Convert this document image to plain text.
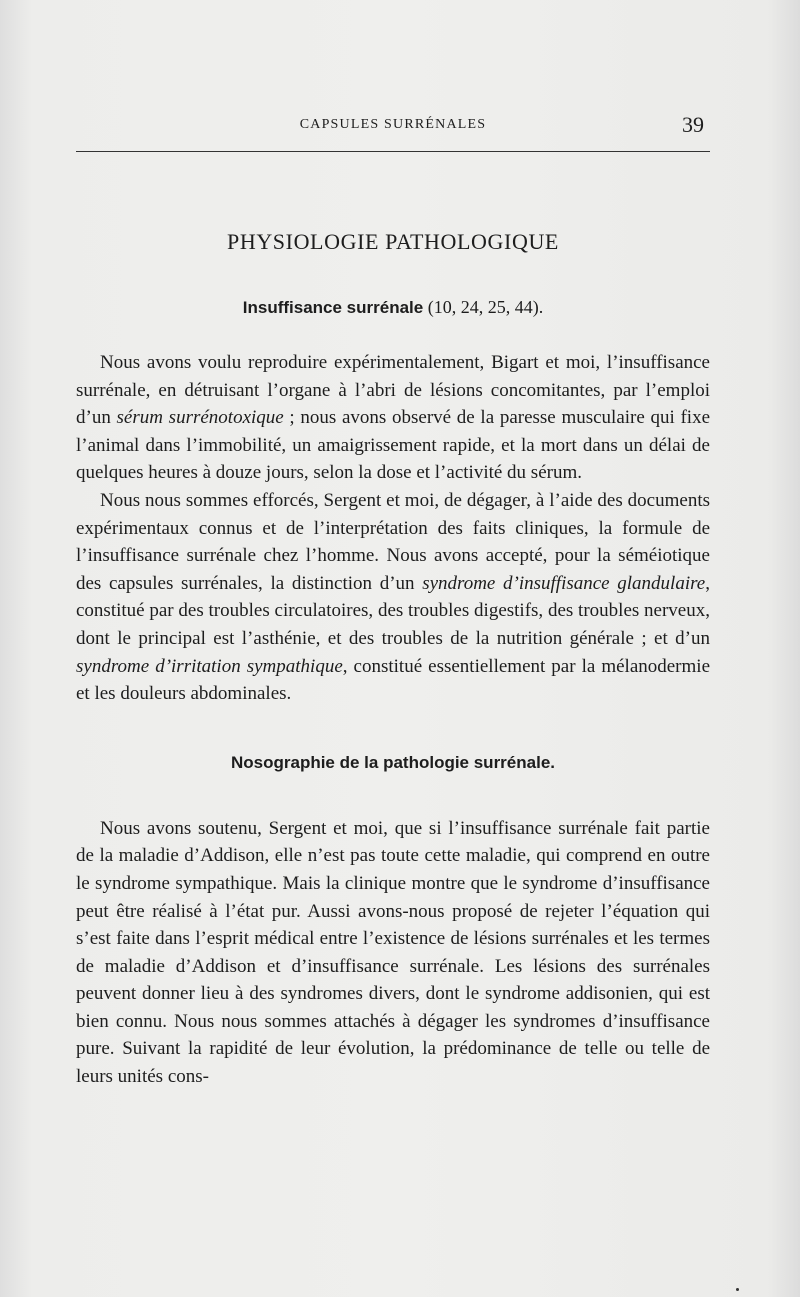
CAPSULES SURRÉNALES	39
PHYSIOLOGIE PATHOLOGIQUE
Insuffisance surrénale (10, 24, 25, 44).

Nous avons voulu reproduire expérimentalement, Bigart et moi, l’insuffisance surrénale, en détruisant l’organe à l’abri de lésions concomitantes, par l’emploi d’un sérum surrénotoxique ; nous avons observé de la paresse musculaire qui fixe l’animal dans l’immobilité, un amaigrissement rapide, et la mort dans un délai de quelques heures à douze jours, selon la dose et l’activité du sérum.

Nous nous sommes efforcés, Sergent et moi, de dégager, à l’aide des documents expérimentaux connus et de l’interprétation des faits cliniques, la formule de l’insuffisance surrénale chez l’homme. Nous avons accepté, pour la séméiotique des capsules surrénales, la distinction d’un syndrome d’insuffisance glandulaire, constitué par des troubles circulatoires, des troubles digestifs, des troubles nerveux, dont le principal est l’asthénie, et des troubles de la nutrition générale ; et d’un syndrome d’irritation sympathique, constitué essentiellement par la mélanodermie et les douleurs abdominales.

Nosographie de la pathologie surrénale.

Nous avons soutenu, Sergent et moi, que si l’insuffisance surrénale fait partie de la maladie d’Addison, elle n’est pas toute cette maladie, qui comprend en outre le syndrome sympathique. Mais la clinique montre que le syndrome d’insuffisance peut être réalisé à l’état pur. Aussi avons-nous proposé de rejeter l’équation qui s’est faite dans l’esprit médical entre l’existence de lésions surrénales et les termes de maladie d’Addison et d’insuffisance surrénale. Les lésions des surrénales peuvent donner lieu à des syndromes divers, dont le syndrome addisonien, qui est bien connu. Nous nous sommes attachés à dégager les syndromes d’insuffisance pure. Suivant la rapidité de leur évolution, la prédominance de telle ou telle de leurs unités cons-
